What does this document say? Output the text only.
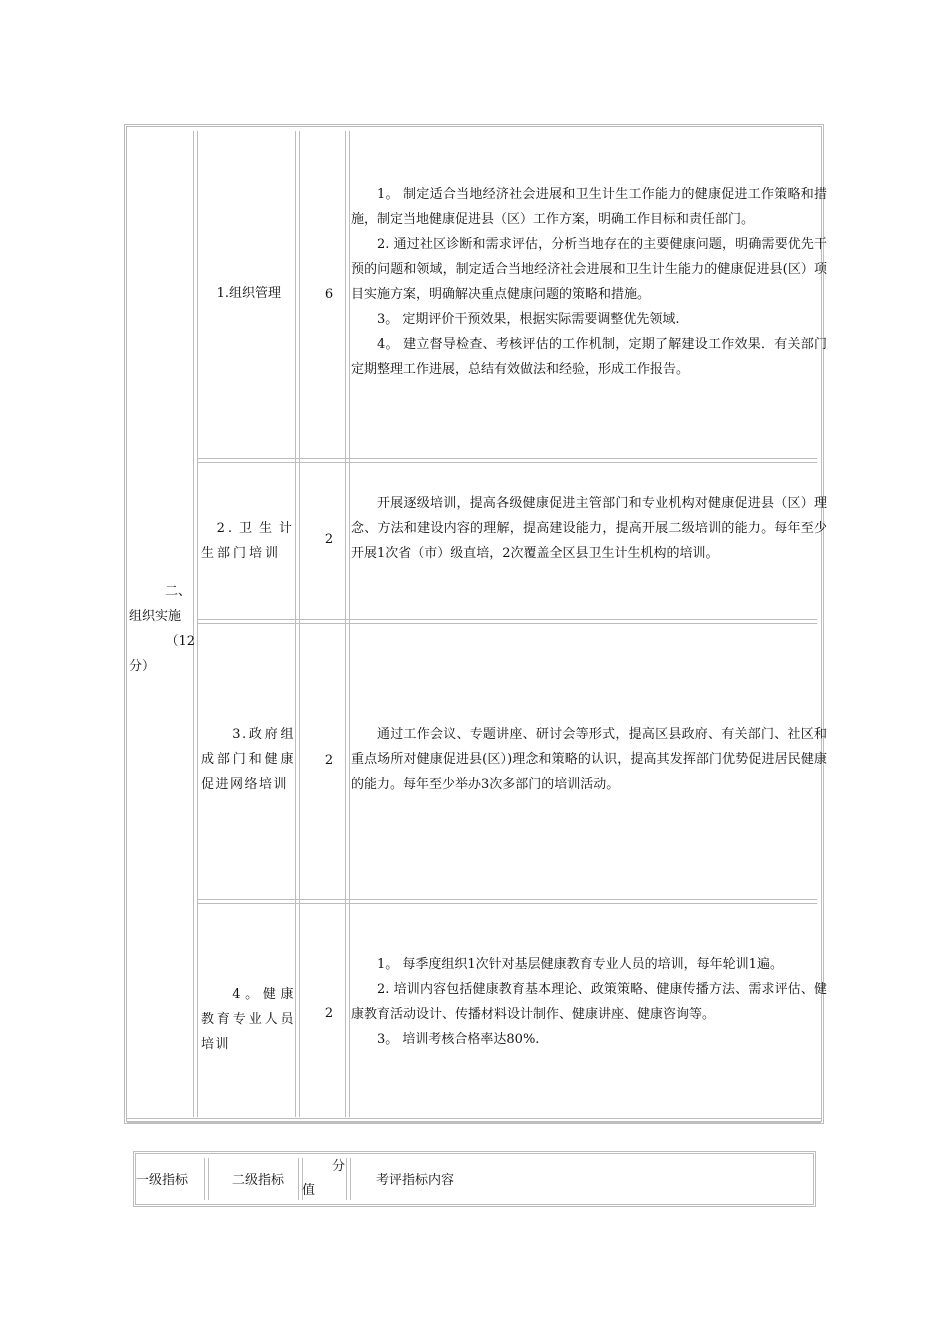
二、
组织实施
（12
分）
1.组织管理	6

1。 制定适合当地经济社会进展和卫生计生工作能力的健康促进工作策略和措施，制定当地健康促进县（区）工作方案，明确工作目标和责任部门。

2. 通过社区诊断和需求评估，分析当地存在的主要健康问题，明确需要优先干预的问题和领域，制定适合当地经济社会进展和卫生计生能力的健康促进县(区）项目实施方案，明确解决重点健康问题的策略和措施。

3。 定期评价干预效果，根据实际需要调整优先领域.

4。 建立督导检查、考核评估的工作机制，定期了解建设工作效果．有关部门定期整理工作进展，总结有效做法和经验，形成工作报告。

2.卫生计生部门培训
2

开展逐级培训，提高各级健康促进主管部门和专业机构对健康促进县（区）理念、方法和建设内容的理解，提高建设能力，提高开展二级培训的能力。每年至少开展1次省（市）级直培，2次覆盖全区县卫生计生机构的培训。

3.政府组成部门和健康促进网络培训
2

通过工作会议、专题讲座、研讨会等形式，提高区县政府、有关部门、社区和重点场所对健康促进县(区）)理念和策略的认识，提高其发挥部门优势促进居民健康的能力。每年至少举办3次多部门的培训活动。

4。健康教育专业人员培训
2

1。 每季度组织1次针对基层健康教育专业人员的培训，每年轮训1遍。

2. 培训内容包括健康教育基本理论、政策策略、健康传播方法、需求评估、健康教育活动设计、传播材料设计制作、健康讲座、健康咨询等。

3。 培训考核合格率达80%.

一级指标	二级指标
分
值
考评指标内容
